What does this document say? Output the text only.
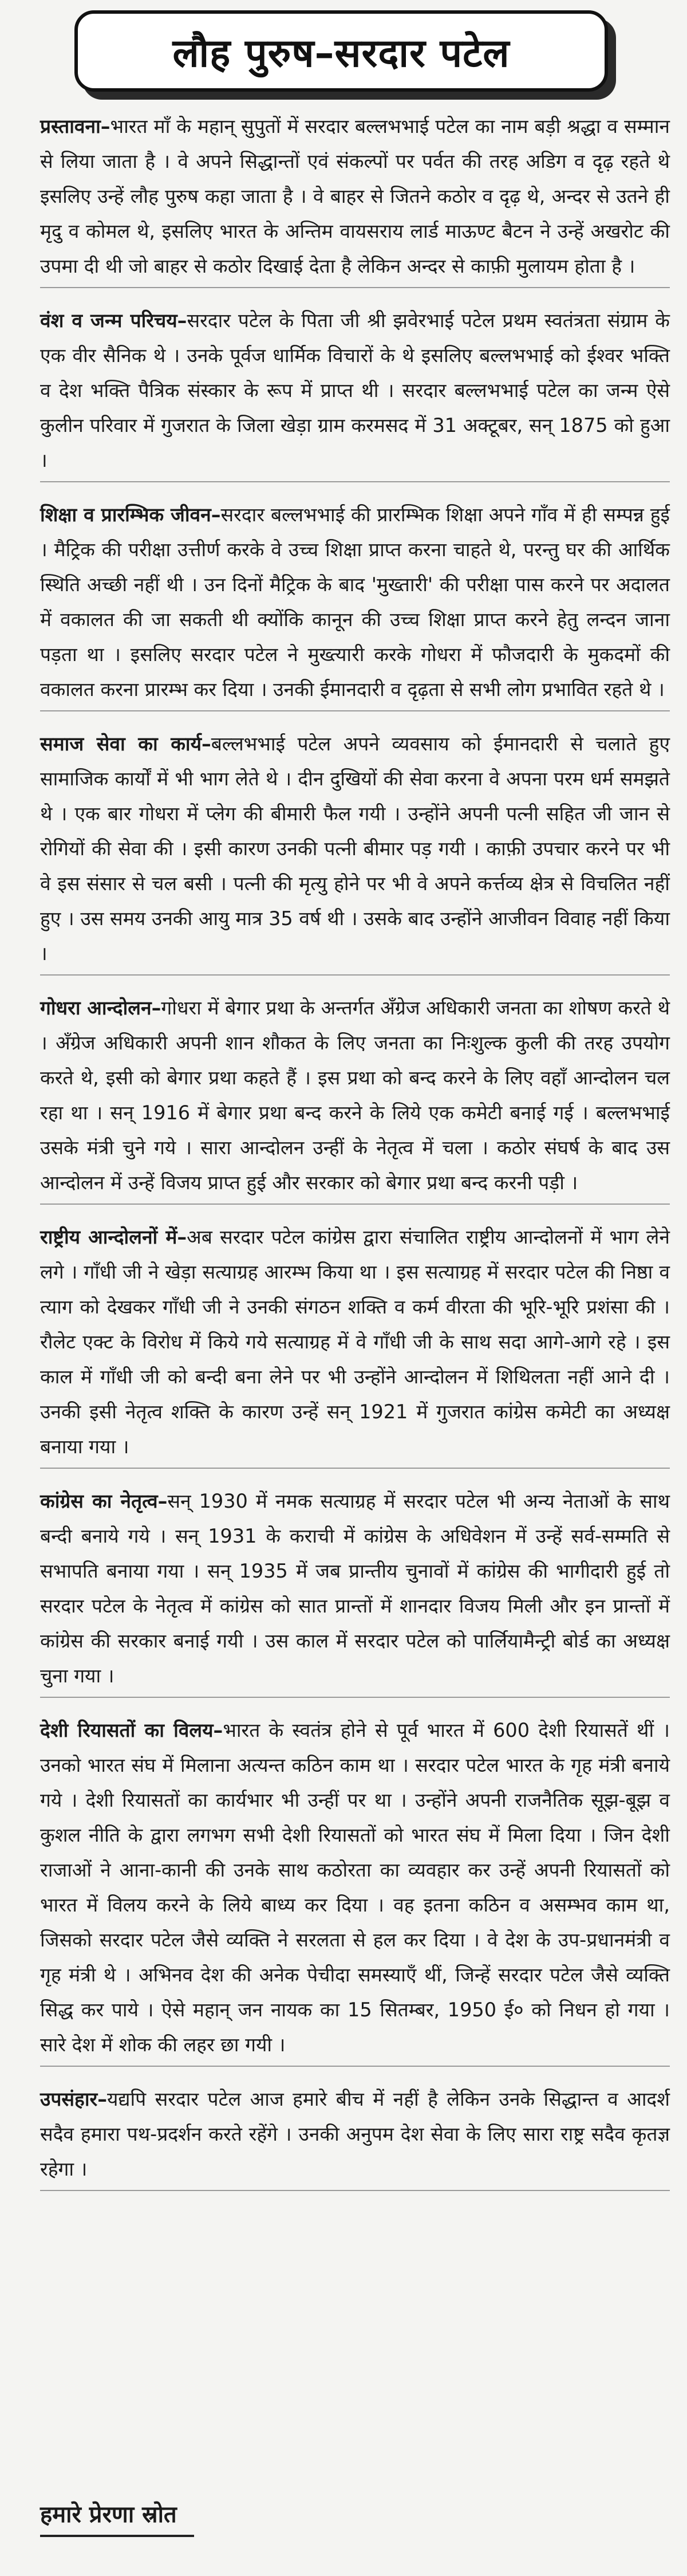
लौह पुरुष–सरदार पटेल

प्रस्तावना–भारत माँ के महान् सुपुतों में सरदार बल्लभभाई पटेल का नाम बड़ी श्रद्धा व सम्मान से लिया जाता है । वे अपने सिद्धान्तों एवं संकल्पों पर पर्वत की तरह अडिग व दृढ़ रहते थे इसलिए उन्हें लौह पुरुष कहा जाता है । वे बाहर से जितने कठोर व दृढ़ थे, अन्दर से उतने ही मृदु व कोमल थे, इसलिए भारत के अन्तिम वायसराय लार्ड माऊण्ट बैटन ने उन्हें अखरोट की उपमा दी थी जो बाहर से कठोर दिखाई देता है लेकिन अन्दर से काफ़ी मुलायम होता है ।

वंश व जन्म परिचय–सरदार पटेल के पिता जी श्री झवेरभाई पटेल प्रथम स्वतंत्रता संग्राम के एक वीर सैनिक थे । उनके पूर्वज धार्मिक विचारों के थे इसलिए बल्लभभाई को ईश्वर भक्ति व देश भक्ति पैत्रिक संस्कार के रूप में प्राप्त थी । सरदार बल्लभभाई पटेल का जन्म ऐसे कुलीन परिवार में गुजरात के जिला खेड़ा ग्राम करमसद में 31 अक्टूबर, सन् 1875 को हुआ ।

शिक्षा व प्रारम्भिक जीवन–सरदार बल्लभभाई की प्रारम्भिक शिक्षा अपने गाँव में ही सम्पन्न हुई । मैट्रिक की परीक्षा उत्तीर्ण करके वे उच्च शिक्षा प्राप्त करना चाहते थे, परन्तु घर की आर्थिक स्थिति अच्छी नहीं थी । उन दिनों मैट्रिक के बाद 'मुख्तारी' की परीक्षा पास करने पर अदालत में वकालत की जा सकती थी क्योंकि कानून की उच्च शिक्षा प्राप्त करने हेतु लन्दन जाना पड़ता था । इसलिए सरदार पटेल ने मुख्त्यारी करके गोधरा में फौजदारी के मुकदमों की वकालत करना प्रारम्भ कर दिया । उनकी ईमानदारी व दृढ़ता से सभी लोग प्रभावित रहते थे ।

समाज सेवा का कार्य–बल्लभभाई पटेल अपने व्यवसाय को ईमानदारी से चलाते हुए सामाजिक कार्यों में भी भाग लेते थे । दीन दुखियों की सेवा करना वे अपना परम धर्म समझते थे । एक बार गोधरा में प्लेग की बीमारी फैल गयी । उन्होंने अपनी पत्नी सहित जी जान से रोगियों की सेवा की । इसी कारण उनकी पत्नी बीमार पड़ गयी । काफ़ी उपचार करने पर भी वे इस संसार से चल बसी । पत्नी की मृत्यु होने पर भी वे अपने कर्त्तव्य क्षेत्र से विचलित नहीं हुए । उस समय उनकी आयु मात्र 35 वर्ष थी । उसके बाद उन्होंने आजीवन विवाह नहीं किया ।

गोधरा आन्दोलन–गोधरा में बेगार प्रथा के अन्तर्गत अँग्रेज अधिकारी जनता का शोषण करते थे । अँग्रेज अधिकारी अपनी शान शौकत के लिए जनता का निःशुल्क कुली की तरह उपयोग करते थे, इसी को बेगार प्रथा कहते हैं । इस प्रथा को बन्द करने के लिए वहाँ आन्दोलन चल रहा था । सन् 1916 में बेगार प्रथा बन्द करने के लिये एक कमेटी बनाई गई । बल्लभभाई उसके मंत्री चुने गये । सारा आन्दोलन उन्हीं के नेतृत्व में चला । कठोर संघर्ष के बाद उस आन्दोलन में उन्हें विजय प्राप्त हुई और सरकार को बेगार प्रथा बन्द करनी पड़ी ।

राष्ट्रीय आन्दोलनों में–अब सरदार पटेल कांग्रेस द्वारा संचालित राष्ट्रीय आन्दोलनों में भाग लेने लगे । गाँधी जी ने खेड़ा सत्याग्रह आरम्भ किया था । इस सत्याग्रह में सरदार पटेल की निष्ठा व त्याग को देखकर गाँधी जी ने उनकी संगठन शक्ति व कर्म वीरता की भूरि-भूरि प्रशंसा की । रौलेट एक्ट के विरोध में किये गये सत्याग्रह में वे गाँधी जी के साथ सदा आगे-आगे रहे । इस काल में गाँधी जी को बन्दी बना लेने पर भी उन्होंने आन्दोलन में शिथिलता नहीं आने दी । उनकी इसी नेतृत्व शक्ति के कारण उन्हें सन् 1921 में गुजरात कांग्रेस कमेटी का अध्यक्ष बनाया गया ।

कांग्रेस का नेतृत्व–सन् 1930 में नमक सत्याग्रह में सरदार पटेल भी अन्य नेताओं के साथ बन्दी बनाये गये । सन् 1931 के कराची में कांग्रेस के अधिवेशन में उन्हें सर्व-सम्मति से सभापति बनाया गया । सन् 1935 में जब प्रान्तीय चुनावों में कांग्रेस की भागीदारी हुई तो सरदार पटेल के नेतृत्व में कांग्रेस को सात प्रान्तों में शानदार विजय मिली और इन प्रान्तों में कांग्रेस की सरकार बनाई गयी । उस काल में सरदार पटेल को पार्लियामैन्ट्री बोर्ड का अध्यक्ष चुना गया ।

देशी रियासतों का विलय–भारत के स्वतंत्र होने से पूर्व भारत में 600 देशी रियासतें थीं । उनको भारत संघ में मिलाना अत्यन्त कठिन काम था । सरदार पटेल भारत के गृह मंत्री बनाये गये । देशी रियासतों का कार्यभार भी उन्हीं पर था । उन्होंने अपनी राजनैतिक सूझ-बूझ व कुशल नीति के द्वारा लगभग सभी देशी रियासतों को भारत संघ में मिला दिया । जिन देशी राजाओं ने आना-कानी की उनके साथ कठोरता का व्यवहार कर उन्हें अपनी रियासतों को भारत में विलय करने के लिये बाध्य कर दिया । वह इतना कठिन व असम्भव काम था, जिसको सरदार पटेल जैसे व्यक्ति ने सरलता से हल कर दिया । वे देश के उप-प्रधानमंत्री व गृह मंत्री थे । अभिनव देश की अनेक पेचीदा समस्याएँ थीं, जिन्हें सरदार पटेल जैसे व्यक्ति सिद्ध कर पाये । ऐसे महान् जन नायक का 15 सितम्बर, 1950 ई० को निधन हो गया । सारे देश में शोक की लहर छा गयी ।

उपसंहार–यद्यपि सरदार पटेल आज हमारे बीच में नहीं है लेकिन उनके सिद्धान्त व आदर्श सदैव हमारा पथ-प्रदर्शन करते रहेंगे । उनकी अनुपम देश सेवा के लिए सारा राष्ट्र सदैव कृतज्ञ रहेगा ।

हमारे प्रेरणा स्रोत
